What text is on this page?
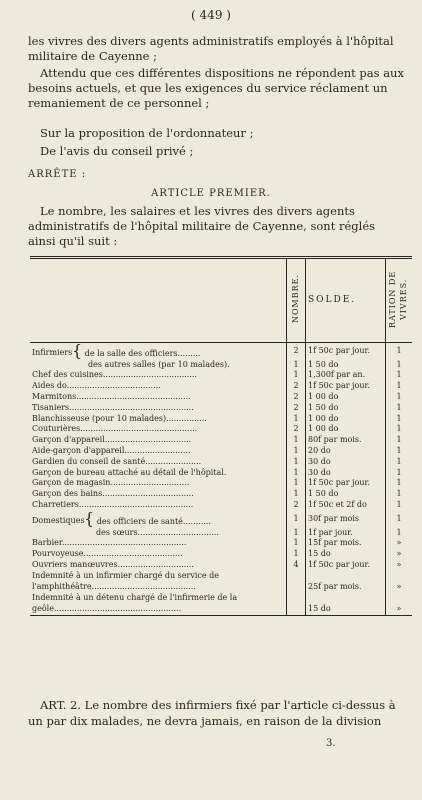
( 449 )

les vivres des divers agents administratifs employés à l'hôpital militaire de Cayenne ;

Attendu que ces différentes dispositions ne répondent pas aux besoins actuels, et que les exigences du service réclament un remaniement de ce personnel ;

Sur la proposition de l'ordonnateur ;

De l'avis du conseil privé ;

ARRÊTE :
ARTICLE PREMIER.

Le nombre, les salaires et les vivres des divers agents administratifs de l'hôpital militaire de Cayenne, sont réglés ainsi qu'il suit :

	NOMBRE.	SOLDE.	RATION DE VIVRES.
Infirmiers{ de la salle des officiers.........	2	1f 50c par jour.	1
des autres salles (par 10 malades).	1	1 50 do	1
Chef des cuisines.....................................	1	1,300f par an.	1
Aides do.....................................	2	1f 50c par jour.	1
Marmitons.............................................	2	1 00 do	1
Tisaniers.................................................	2	1 50 do	1
Blanchisseuse (pour 10 malades)................	1	1 00 do	1
Couturières..............................................	2	1 00 do	1
Garçon d'appareil..................................	1	80f par mois.	1
Aide-garçon d'appareil..........................	1	20 do	1
Gardien du conseil de santé......................	1	30 do	1
Garçon de bureau attaché au détail de l'hôpital.	1	30 do	1
Garçon de magasin...............................	1	1f 50c par jour.	1
Garçon des bains....................................	1	1 50 do	1
Charretiers.............................................	2	1f 50c et 2f do	1
Domestiques{ des officiers de santé...........	1	30f par mois	1
des sœurs................................	1	1f par jour.	1
Barbier.................................................	1	15f par mois.	»
Pourvoyeuse.......................................	1	15 do	»
Ouvriers manœuvres..............................	4	1f 50c par jour.	»
Indemnité à un infirmier chargé du service de l'amphithéâtre.........................................		25f par mois.	»
Indemnité à un détenu chargé de l'infirmerie de la geôle..................................................		15 do	»

ART. 2. Le nombre des infirmiers fixé par l'article ci-dessus à un par dix malades, ne devra jamais, en raison de la division

3.
